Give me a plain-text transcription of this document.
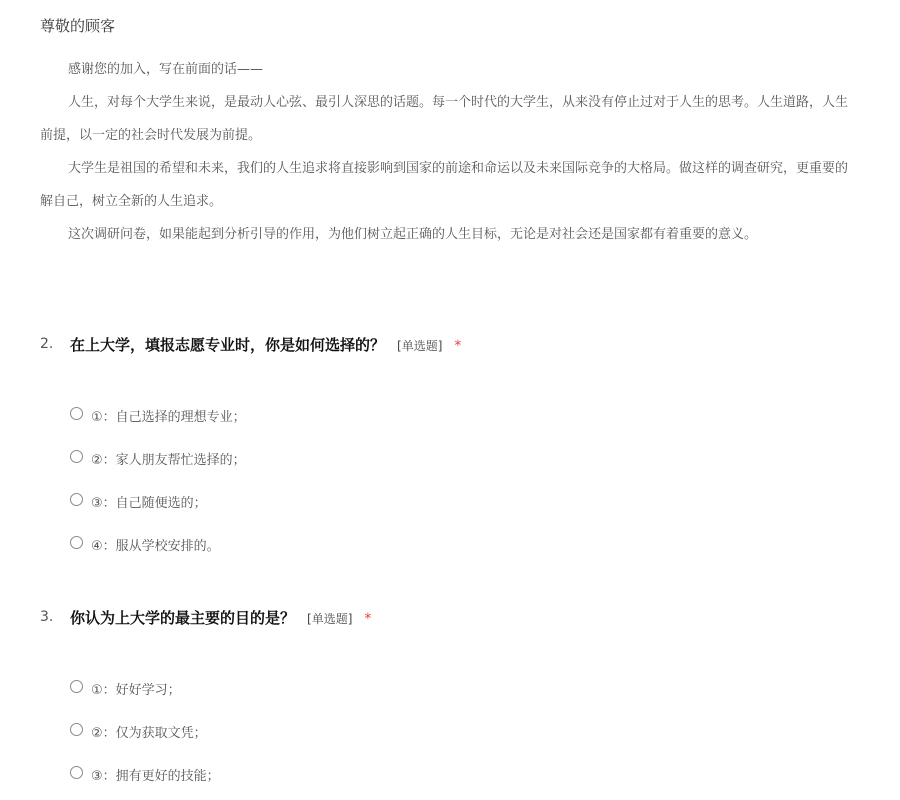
尊敬的顾客
感谢您的加入，写在前面的话——
人生，对每个大学生来说，是最动人心弦、最引人深思的话题。每一个时代的大学生，从来没有停止过对于人生的思考。人生道路，人生
前提，以一定的社会时代发展为前提。
大学生是祖国的希望和未来，我们的人生追求将直接影响到国家的前途和命运以及未来国际竞争的大格局。做这样的调查研究，更重要的
解自己，树立全新的人生追求。
这次调研问卷，如果能起到分析引导的作用，为他们树立起正确的人生目标，无论是对社会还是国家都有着重要的意义。
2. 在上大学，填报志愿专业时，你是如何选择的？ [单选题] *
①：自己选择的理想专业；
②：家人朋友帮忙选择的；
③：自己随便选的；
④：服从学校安排的。
3. 你认为上大学的最主要的目的是？ [单选题] *
①：好好学习；
②：仅为获取文凭；
③：拥有更好的技能；
